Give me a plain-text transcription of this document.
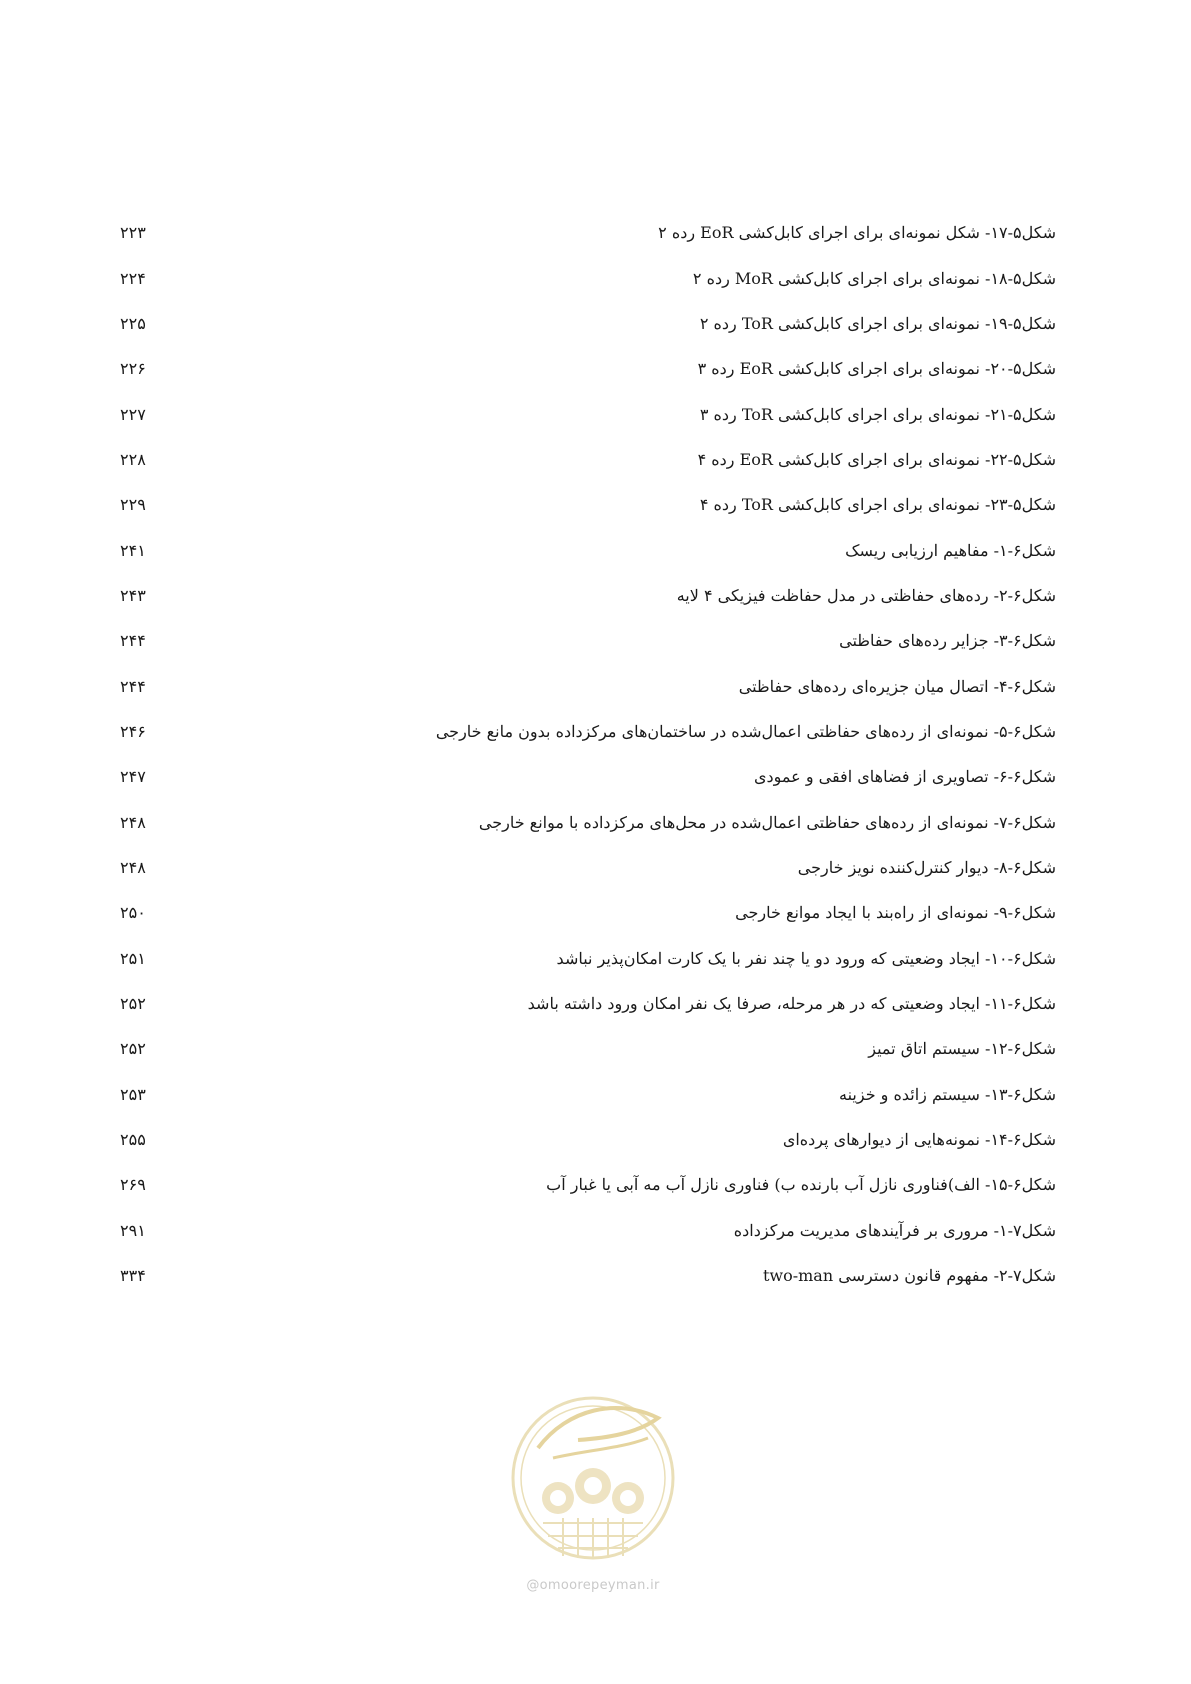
شکل۵-۱۷- شکل نمونه‌ای برای اجرای کابل‌کشی EoR رده ۲
۲۲۳
شکل۵-۱۸- نمونه‌ای برای اجرای کابل‌کشی MoR رده ۲
۲۲۴
شکل۵-۱۹- نمونه‌ای برای اجرای کابل‌کشی ToR رده ۲
۲۲۵
شکل۵-۲۰- نمونه‌ای برای اجرای کابل‌کشی EoR رده ۳
۲۲۶
شکل۵-۲۱- نمونه‌ای برای اجرای کابل‌کشی ToR رده ۳
۲۲۷
شکل۵-۲۲- نمونه‌ای برای اجرای کابل‌کشی EoR رده ۴
۲۲۸
شکل۵-۲۳- نمونه‌ای برای اجرای کابل‌کشی ToR رده ۴
۲۲۹
شکل۶-۱- مفاهیم ارزیابی ریسک
۲۴۱
شکل۶-۲- رده‌های حفاظتی در مدل حفاظت فیزیکی ۴ لایه
۲۴۳
شکل۶-۳- جزایر رده‌های حفاظتی
۲۴۴
شکل۶-۴- اتصال میان جزیره‌ای رده‌های حفاظتی
۲۴۴
شکل۶-۵- نمونه‌ای از رده‌های حفاظتی اعمال‌شده در ساختمان‌های مرکزداده بدون مانع خارجی
۲۴۶
شکل۶-۶- تصاویری از فضاهای افقی و عمودی
۲۴۷
شکل۶-۷- نمونه‌ای از رده‌های حفاظتی اعمال‌شده در محل‌های مرکزداده با موانع خارجی
۲۴۸
شکل۶-۸- دیوار کنترل‌کننده نویز خارجی
۲۴۸
شکل۶-۹- نمونه‌ای از راه‌بند با ایجاد موانع خارجی
۲۵۰
شکل۶-۱۰- ایجاد وضعیتی که ورود دو یا چند نفر با یک کارت امکان‌پذیر نباشد
۲۵۱
شکل۶-۱۱- ایجاد وضعیتی که در هر مرحله، صرفا یک نفر امکان ورود داشته باشد
۲۵۲
شکل۶-۱۲- سیستم اتاق تمیز
۲۵۲
شکل۶-۱۳- سیستم زائده و خزینه
۲۵۳
شکل۶-۱۴- نمونه‌هایی از دیوارهای پرده‌ای
۲۵۵
شکل۶-۱۵- الف)فناوری نازل آب بارنده ب) فناوری نازل آب مه آبی یا غبار آب
۲۶۹
شکل۷-۱- مروری بر فرآیندهای مدیریت مرکزداده
۲۹۱
شکل۷-۲- مفهوم قانون دسترسی two-man
۳۳۴
@omoorepeyman.ir
